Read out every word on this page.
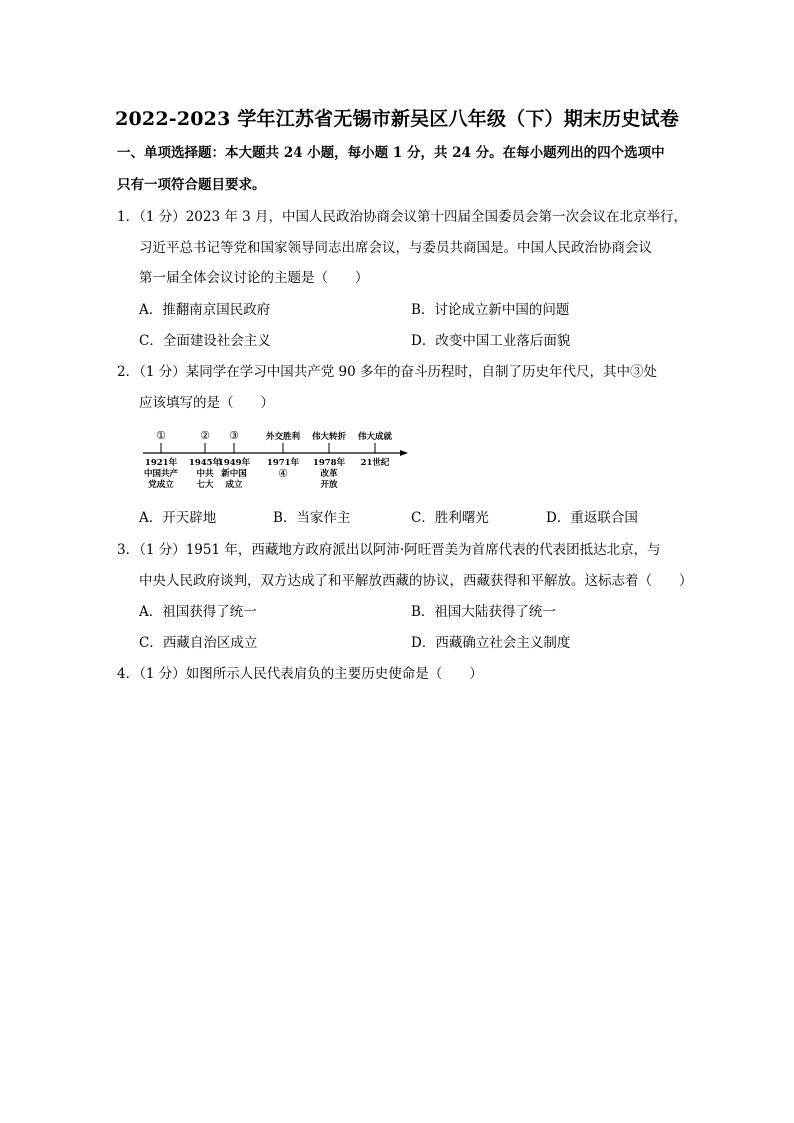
2022-2023 学年江苏省无锡市新吴区八年级（下）期末历史试卷
一、单项选择题：本大题共 24 小题，每小题 1 分，共 24 分。在每小题列出的四个选项中
只有一项符合题目要求。
1．（1 分）2023 年 3 月，中国人民政治协商会议第十四届全国委员会第一次会议在北京举行，
习近平总书记等党和国家领导同志出席会议，与委员共商国是。中国人民政治协商会议
第一届全体会议讨论的主题是（　　）
A．推翻南京国民政府	B．讨论成立新中国的问题
C．全面建设社会主义	D．改变中国工业落后面貌
2．（1 分）某同学在学习中国共产党 90 多年的奋斗历程时，自制了历史年代尺，其中③处
应该填写的是（　　）
①	② ③	外交胜利 伟大转折 伟大成就
1921年 1945年
1949年 1971年 1978年 21世纪
中国共产 中共 新中国	④	改革
党成立	七大 成立	开放
A．开天辟地	B．当家作主	C．胜利曙光	D．重返联合国
3．（1 分）1951 年，西藏地方政府派出以阿沛·阿旺晋美为首席代表的代表团抵达北京，与
中央人民政府谈判，双方达成了和平解放西藏的协议，西藏获得和平解放。这标志着（　　）
A．祖国获得了统一	B．祖国大陆获得了统一
C．西藏自治区成立	D．西藏确立社会主义制度
4．（1 分）如图所示人民代表肩负的主要历史使命是（　　）
